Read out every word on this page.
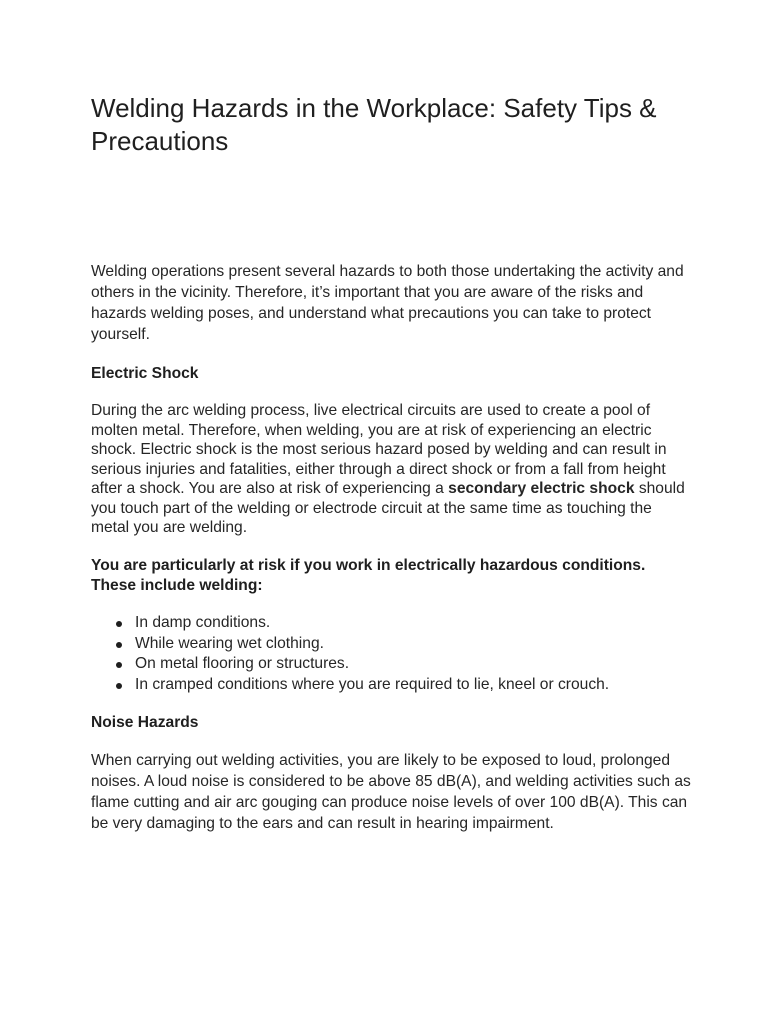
Welding Hazards in the Workplace: Safety Tips & Precautions

Welding operations present several hazards to both those undertaking the activity and others in the vicinity. Therefore, it’s important that you are aware of the risks and hazards welding poses, and understand what precautions you can take to protect yourself.

Electric Shock

During the arc welding process, live electrical circuits are used to create a pool of molten metal. Therefore, when welding, you are at risk of experiencing an electric shock. Electric shock is the most serious hazard posed by welding and can result in serious injuries and fatalities, either through a direct shock or from a fall from height after a shock. You are also at risk of experiencing a secondary electric shock should you touch part of the welding or electrode circuit at the same time as touching the metal you are welding.

You are particularly at risk if you work in electrically hazardous conditions. These include welding:

In damp conditions.
While wearing wet clothing.
On metal flooring or structures.
In cramped conditions where you are required to lie, kneel or crouch.

Noise Hazards

When carrying out welding activities, you are likely to be exposed to loud, prolonged noises. A loud noise is considered to be above 85 dB(A), and welding activities such as flame cutting and air arc gouging can produce noise levels of over 100 dB(A). This can be very damaging to the ears and can result in hearing impairment.
